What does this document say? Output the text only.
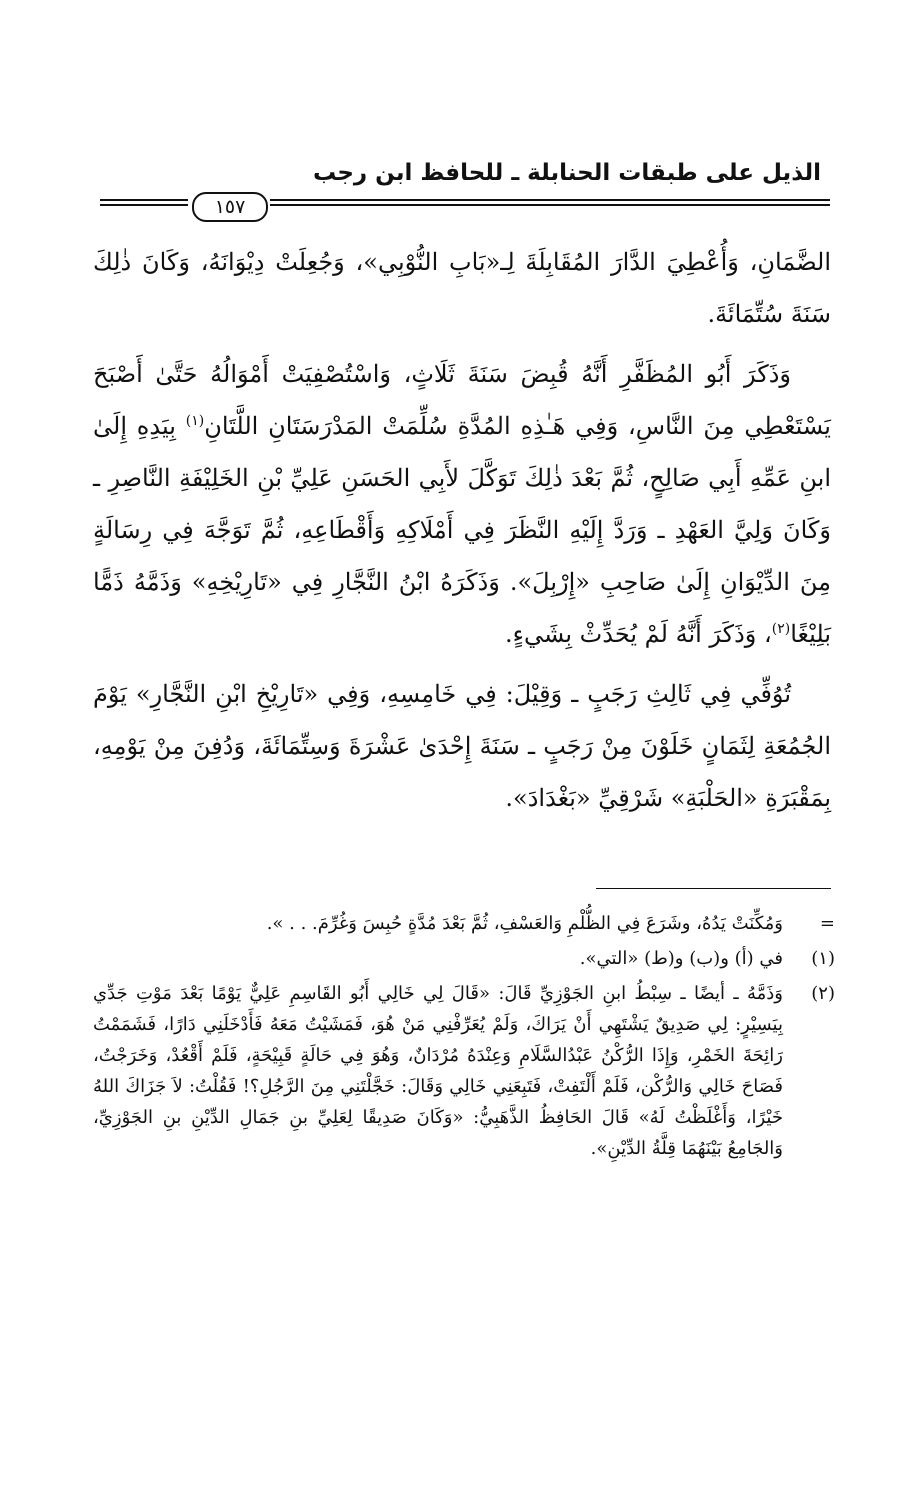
الذيل على طبقات الحنابلة ـ للحافظ ابن رجب
١٥٧

الضَّمَانِ، وَأُعْطِيَ الدَّارَ المُقَابِلَةَ لِـ«بَابِ النُّوْبِي»، وَجُعِلَتْ دِيْوَانَهُ، وَكَانَ ذٰلِكَ سَنَةَ سُتِّمَائَةَ.

وَذَكَرَ أَبُو المُظَفَّرِ أَنَّهُ قُبِضَ سَنَةَ ثَلَاثٍ، وَاسْتُصْفِيَتْ أَمْوَالُهُ حَتَّىٰ أَصْبَحَ يَسْتَعْطِي مِنَ النَّاسِ، وَفِي هَـٰذِهِ المُدَّةِ سُلِّمَتْ المَدْرَسَتَانِ اللَّتَانِ$^{(١)}$ بِيَدِهِ إِلَىٰ ابنِ عَمِّهِ أَبِي صَالِحٍ، ثُمَّ بَعْدَ ذٰلِكَ تَوَكَّلَ لأَبِي الحَسَنِ عَلِيِّ بْنِ الخَلِيْفَةِ النَّاصِرِ ـ وَكَانَ وَلِيَّ العَهْدِ ـ وَرَدَّ إِلَيْهِ النَّظَرَ فِي أَمْلَاكِهِ وَأَقْطَاعِهِ، ثُمَّ تَوَجَّهَ فِي رِسَالَةٍ مِنَ الدِّيْوَانِ إِلَىٰ صَاحِبِ «إِرْبِلَ». وَذَكَرَهُ ابْنُ النَّجَّارِ فِي «تَارِيْخِهِ» وَذَمَّهُ ذَمًّا بَلِيْغًا$^{(٢)}$، وَذَكَرَ أَنَّهُ لَمْ يُحَدِّثْ بِشَيءٍ.

تُوُفِّي فِي ثَالِثِ رَجَبٍ ـ وَقِيْلَ: فِي خَامِسِهِ، وَفِي «تَارِيْخِ ابْنِ النَّجَّارِ» يَوْمَ الجُمُعَةِ لِثَمَانٍ خَلَوْنَ مِنْ رَجَبٍ ـ سَنَةَ إِحْدَىٰ عَشْرَةَ وَسِتِّمَائَةَ، وَدُفِنَ مِنْ يَوْمِهِ، بِمَقْبَرَةِ «الحَلْبَةِ» شَرْقِيِّ «بَغْدَادَ».

=
وَمُكِّنَتْ يَدُهُ، وشَرَعَ فِي الظُّلْمِ وَالعَسْفِ، ثُمَّ بَعْدَ مُدَّةٍ حُبِسَ وَغُرِّمَ. . . ».
(١)
في (أ) و(ب) و(ط) «التي».
(٢)
وَذَمَّهُ ـ أيضًا ـ سِبْطُ ابنِ الجَوْزِيِّ قَالَ: «قَالَ لِي خَالِي أَبُو القَاسِمِ عَلِيٌّ يَوْمًا بَعْدَ مَوْتِ جَدِّي بِيَسِيْرٍ: لِي صَدِيقٌ يَشْتَهِي أَنْ يَرَاكَ، وَلَمْ يُعَرِّفْنِي مَنْ هُوَ، فَمَشَيْتُ مَعَهُ فَأَدْخَلَنِي دَارًا، فَشَمَمْتُ رَائِحَةَ الخَمْرِ، وَإِذَا الرُّكْنُ عَبْدُالسَّلَامِ وَعِنْدَهُ مُرْدَانٌ، وَهُوَ فِي حَالَةٍ قَبِيْحَةٍ، فَلَمْ أَقْعُدْ، وَخَرَجْتُ، فَصَاحَ خَالِي وَالرُّكْن، فَلَمْ أَلْتَفِتْ، فَتَبِعَنِي خَالِي وَقَالَ: خَجَّلْتَنِي مِنَ الرَّجُلِ؟! فَقُلْتُ: لاَ جَزَاكَ اللهُ خَيْرًا، وَأَغْلَظْتُ لَهُ» قَالَ الحَافِظُ الذَّهَبِيُّ: «وَكَانَ صَدِيقًا لِعَلِيِّ بنِ جَمَالِ الدِّيْنِ بنِ الجَوْزِيِّ، وَالجَامِعُ بَيْنَهُمَا قِلَّةُ الدِّيْنِ».
